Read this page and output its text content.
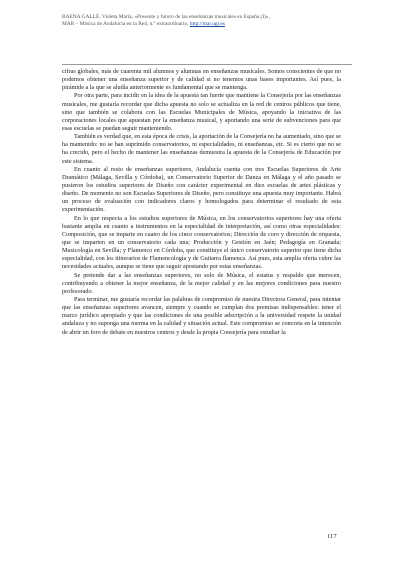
BAENA GALLÉ, Violeta María, «Presente y futuro de las enseñanzas musicales en España (I)»,
MAR – Música de Andalucía en la Red, n.º extraordinario, http://mar.ugr.es

cifras globales, más de cuarenta mil alumnos y alumnas en enseñanzas musicales. Somos conscientes de que no podemos obtener una enseñanza superior y de calidad si no tenemos unas bases importantes. Así pues, la pirámide a la que se aludía anteriormente es fundamental que se mantenga.

Por otra parte, para incidir en la idea de la apuesta tan fuerte que mantiene la Consejería por las enseñanzas musicales, me gustaría recordar que dicha apuesta no solo se actualiza en la red de centros públicos que tiene, sino que también se colabora con las Escuelas Municipales de Música, apoyando la iniciativa de las corporaciones locales que apuestan por la enseñanza musical, y aportando una serie de subvenciones para que esas escuelas se puedan seguir manteniendo.

También es verdad que, en esta época de crisis, la aportación de la Consejería no ha aumentado, sino que se ha mantenido: no se han suprimido conservatorios, ni especialidades, ni enseñanzas, etc. Si es cierto que no se ha crecido, pero el hecho de mantener las enseñanzas demuestra la apuesta de la Consejería de Educación por este sistema.

En cuanto al resto de enseñanzas superiores, Andalucía cuenta con tres Escuelas Superiores de Arte Dramático (Málaga, Sevilla y Córdoba), un Conservatorio Superior de Danza en Málaga y el año pasado se pusieron los estudios superiores de Diseño con carácter experimental en diez escuelas de artes plásticas y diseño. De momento no son Escuelas Superiores de Diseño, pero constituye una apuesta muy importante. Habrá un proceso de evaluación con indicadores claros y homologados para determinar el resultado de esta experimentación.

En lo que respecta a los estudios superiores de Música, en los conservatorios superiores hay una oferta bastante amplia en cuanto a instrumentos en la especialidad de interpretación, así como otras especialidades: Composición, que se imparte en cuatro de los cinco conservatorios; Dirección de coro y dirección de orquesta, que se imparten en un conservatorio cada una; Producción y Gestión en Jaén; Pedagogía en Granada; Musicología en Sevilla; y Flamenco en Córdoba, que constituye el único conservatorio superior que tiene dicha especialidad, con los itinerarios de Flamencología y de Guitarra flamenca. Así pues, esta amplia oferta cubre las necesidades actuales, aunque se tiene que seguir apostando por estas enseñanzas.

Se pretende dar a las enseñanzas superiores, no solo de Música, el estatus y respaldo que merecen, contribuyendo a obtener la mejor enseñanza, de la mejor calidad y en las mejores condiciones para nuestro profesorado.

Para terminar, me gustaría recordar las palabras de compromiso de nuestra Directora General, para intentar que las enseñanzas superiores avancen, siempre y cuando se cumplan dos premisas indispensables: tener el marco jurídico apropiado y que las condiciones de una posible adscripción a la universidad respete la unidad andaluza y no suponga una merma en la calidad y situación actual. Este compromiso se concreta en la intención de abrir un foro de debate en nuestros centros y desde la propia Consejería para estudiar la

117
